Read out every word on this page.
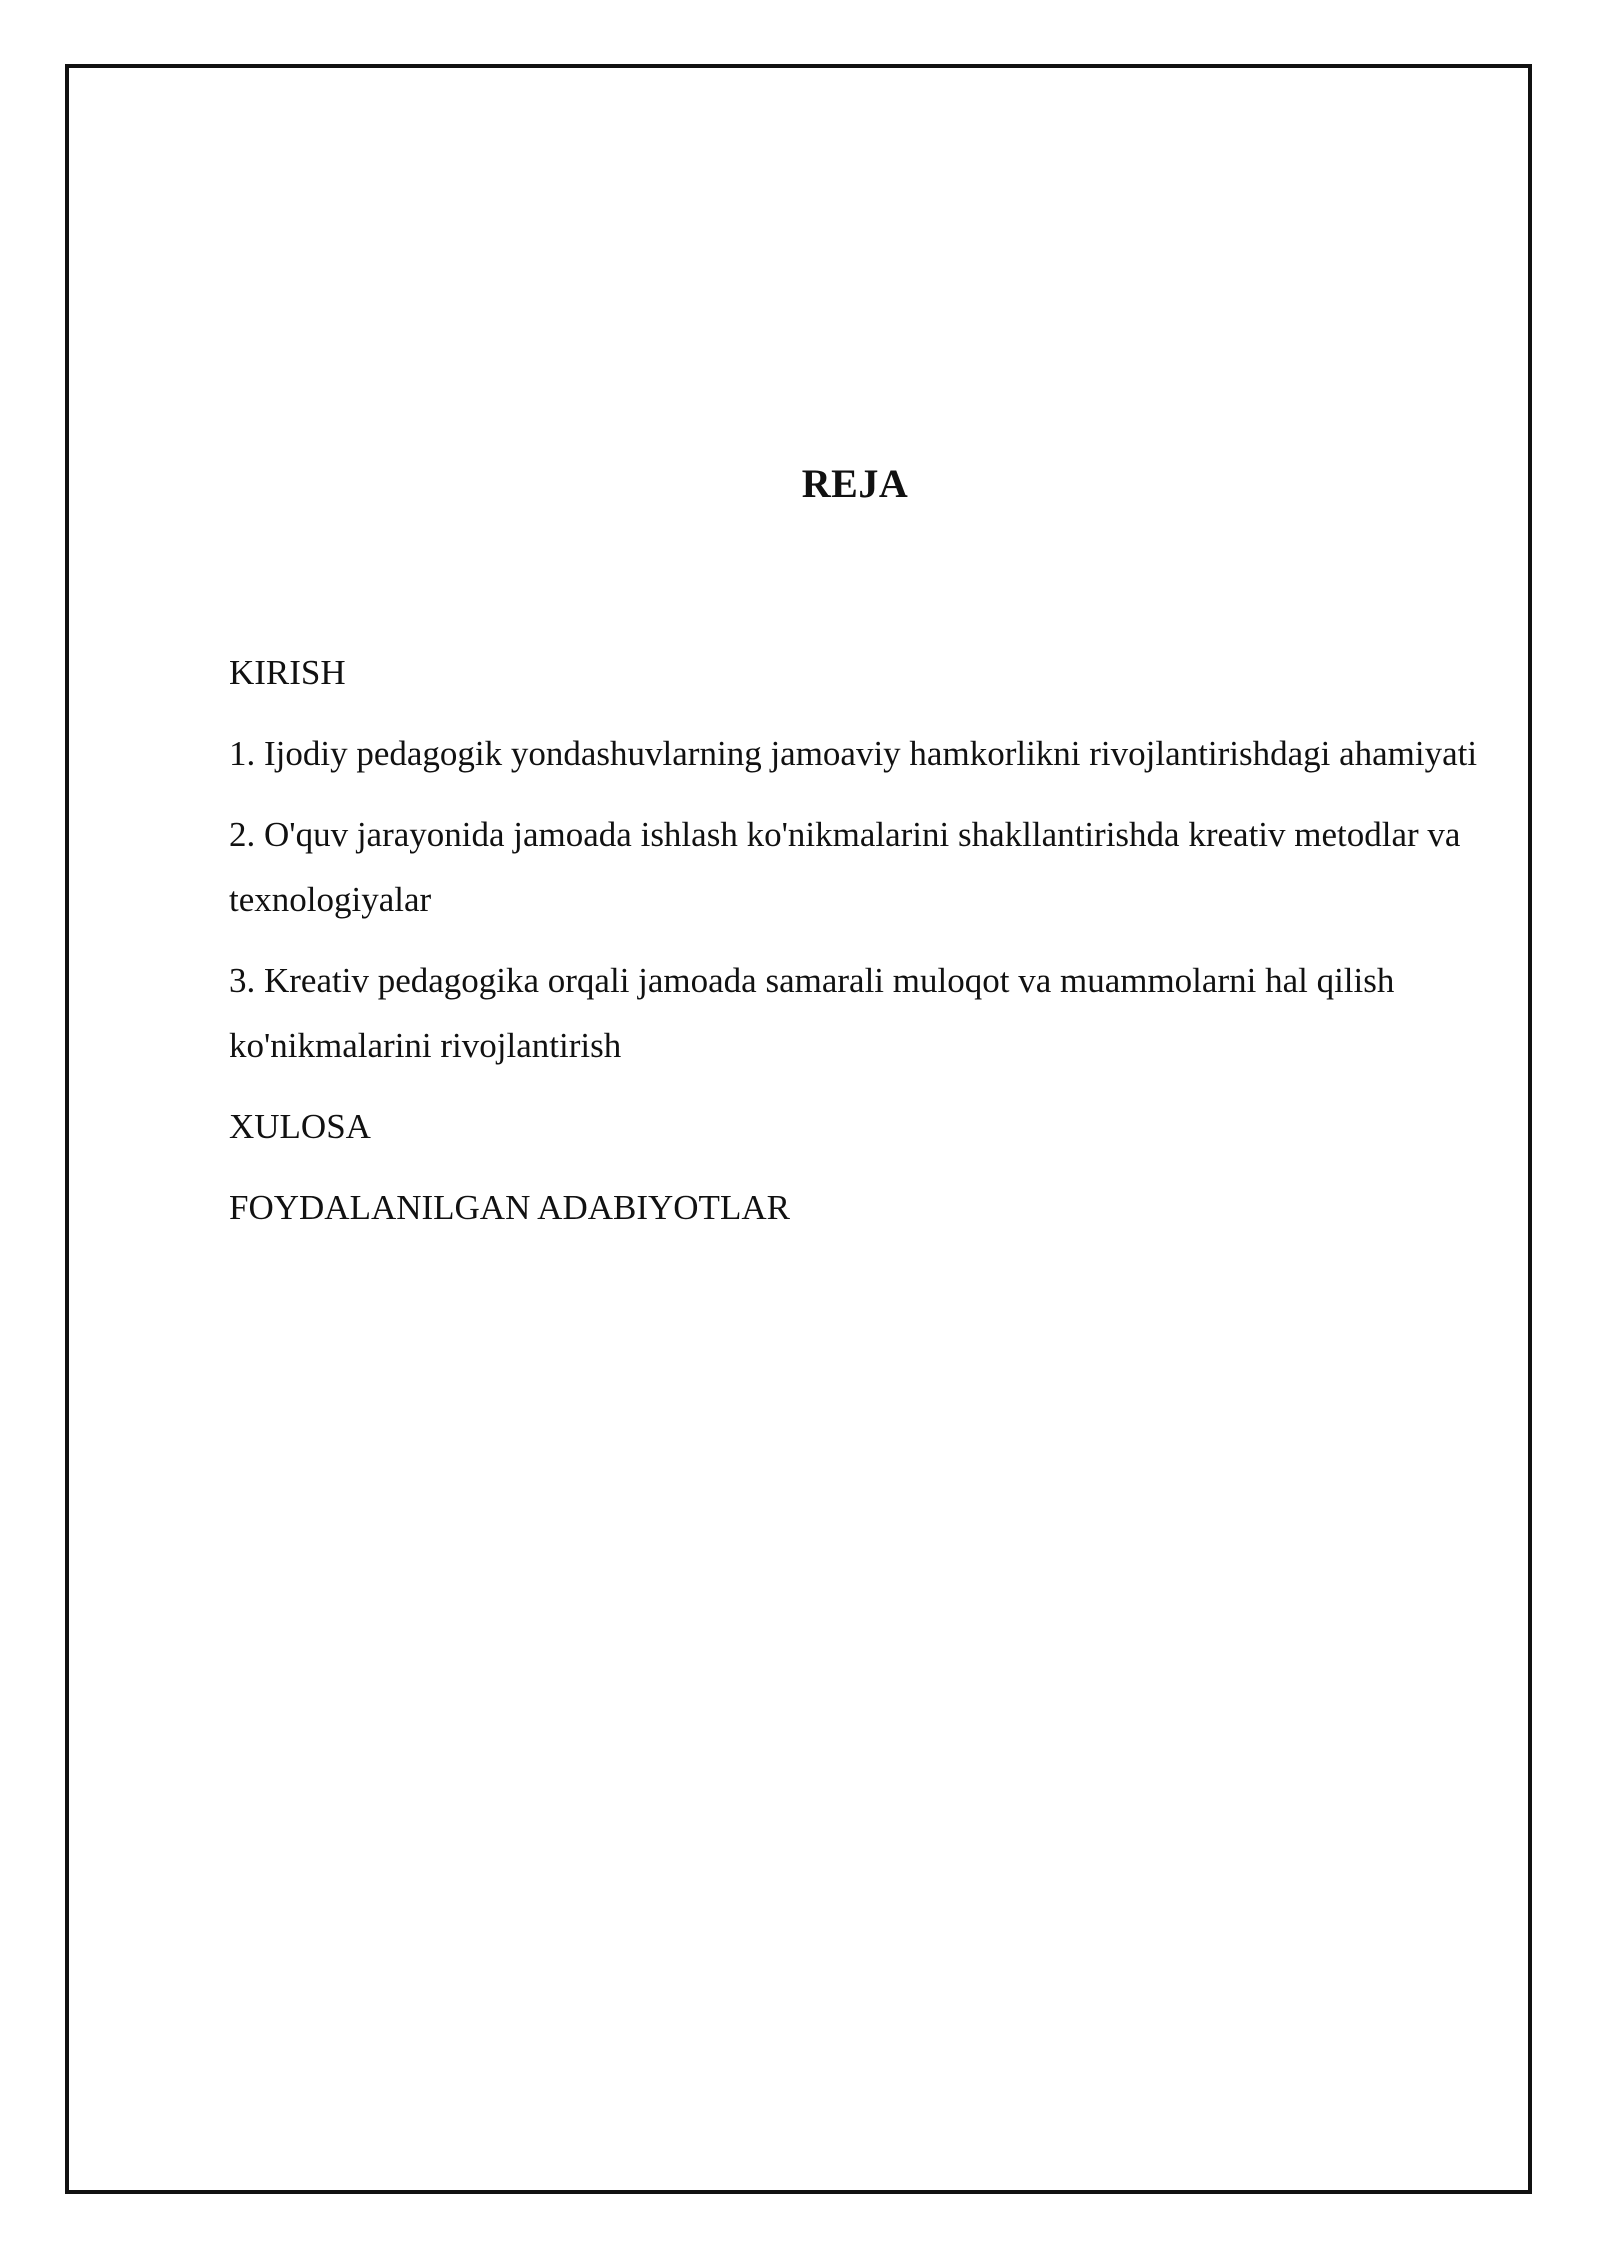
REJA

KIRISH

1. Ijodiy pedagogik yondashuvlarning jamoaviy hamkorlikni rivojlantirishdagi ahamiyati

2. O'quv jarayonida jamoada ishlash ko'nikmalarini shakllantirishda kreativ metodlar va texnologiyalar

3. Kreativ pedagogika orqali jamoada samarali muloqot va muammolarni hal qilish ko'nikmalarini rivojlantirish

XULOSA

FOYDALANILGAN ADABIYOTLAR
